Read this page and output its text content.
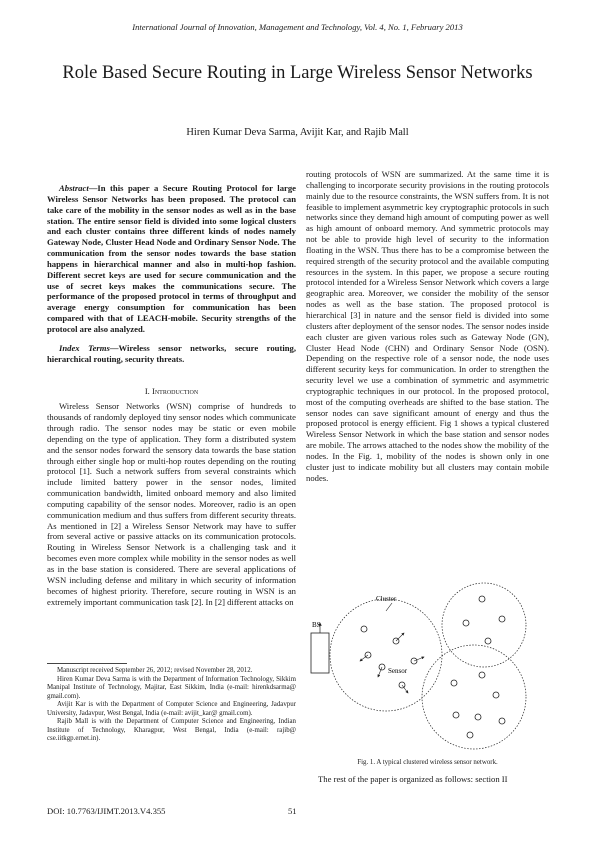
International Journal of Innovation, Management and Technology, Vol. 4, No. 1, February 2013
Role Based Secure Routing in Large Wireless Sensor Networks
Hiren Kumar Deva Sarma, Avijit Kar, and Rajib Mall

Abstract—In this paper a Secure Routing Protocol for large Wireless Sensor Networks has been proposed. The protocol can take care of the mobility in the sensor nodes as well as in the base station. The entire sensor field is divided into some logical clusters and each cluster contains three different kinds of nodes namely Gateway Node, Cluster Head Node and Ordinary Sensor Node. The communication from the sensor nodes towards the base station happens in hierarchical manner and also in multi-hop fashion. Different secret keys are used for secure communication and the use of secret keys makes the communications secure. The performance of the proposed protocol in terms of throughput and average energy consumption for communication has been compared with that of LEACH-mobile. Security strengths of the protocol are also analyzed.

Index Terms—Wireless sensor networks, secure routing, hierarchical routing, security threats.

I. Introduction

Wireless Sensor Networks (WSN) comprise of hundreds to thousands of randomly deployed tiny sensor nodes which communicate through radio. The sensor nodes may be static or even mobile depending on the type of application. They form a distributed system and the sensor nodes forward the sensory data towards the base station through either single hop or multi-hop routes depending on the routing protocol [1]. Such a network suffers from several constraints which include limited battery power in the sensor nodes, limited communication bandwidth, limited onboard memory and also limited computing capability of the sensor nodes. Moreover, radio is an open communication medium and thus suffers from different security threats. As mentioned in [2] a Wireless Sensor Network may have to suffer from several active or passive attacks on its communication protocols. Routing in Wireless Sensor Network is a challenging task and it becomes even more complex while mobility in the sensor nodes as well as in the base station is considered. There are several applications of WSN including defense and military in which security of information becomes of highest priority. Therefore, secure routing in WSN is an extremely important communication task [2]. In [2] different attacks on

Manuscript received September 26, 2012; revised November 28, 2012.

Hiren Kumar Deva Sarma is with the Department of Information Technology, Sikkim Manipal Institute of Technology, Majitar, East Sikkim, India (e-mail: hirenkdsarma@ gmail.com).

Avijit Kar is with the Department of Computer Science and Engineering, Jadavpur University, Jadavpur, West Bengal, India (e-mail: avijit_kar@ gmail.com).

Rajib Mall is with the Department of Computer Science and Engineering, Indian Institute of Technology, Kharagpur, West Bengal, India (e-mail: rajib@ cse.iitkgp.ernet.in).

routing protocols of WSN are summarized. At the same time it is challenging to incorporate security provisions in the routing protocols mainly due to the resource constraints, the WSN suffers from. It is not feasible to implement asymmetric key cryptographic protocols in such networks since they demand high amount of computing power as well as high amount of onboard memory. And symmetric protocols may not be able to provide high level of security to the information floating in the WSN. Thus there has to be a compromise between the required strength of the security protocol and the available computing resources in the system. In this paper, we propose a secure routing protocol intended for a Wireless Sensor Network which covers a large geographic area. Moreover, we consider the mobility of the sensor nodes as well as the base station. The proposed protocol is hierarchical [3] in nature and the sensor field is divided into some clusters after deployment of the sensor nodes. The sensor nodes inside each cluster are given various roles such as Gateway Node (GN), Cluster Head Node (CHN) and Ordinary Sensor Node (OSN). Depending on the respective role of a sensor node, the node uses different security keys for communication. In order to strengthen the security level we use a combination of symmetric and asymmetric cryptographic techniques in our protocol. In the proposed protocol, most of the computing overheads are shifted to the base station. The sensor nodes can save significant amount of energy and thus the proposed protocol is energy efficient. Fig 1 shows a typical clustered Wireless Sensor Network in which the base station and sensor nodes are mobile. The arrows attached to the nodes show the mobility of the nodes. In the Fig. 1, mobility of the nodes is shown only in one cluster just to indicate mobility but all clusters may contain mobile nodes.

BS
Cluster
Sensor
Fig. 1. A typical clustered wireless sensor network.
The rest of the paper is organized as follows: section II
DOI: 10.7763/IJIMT.2013.V4.355	51
